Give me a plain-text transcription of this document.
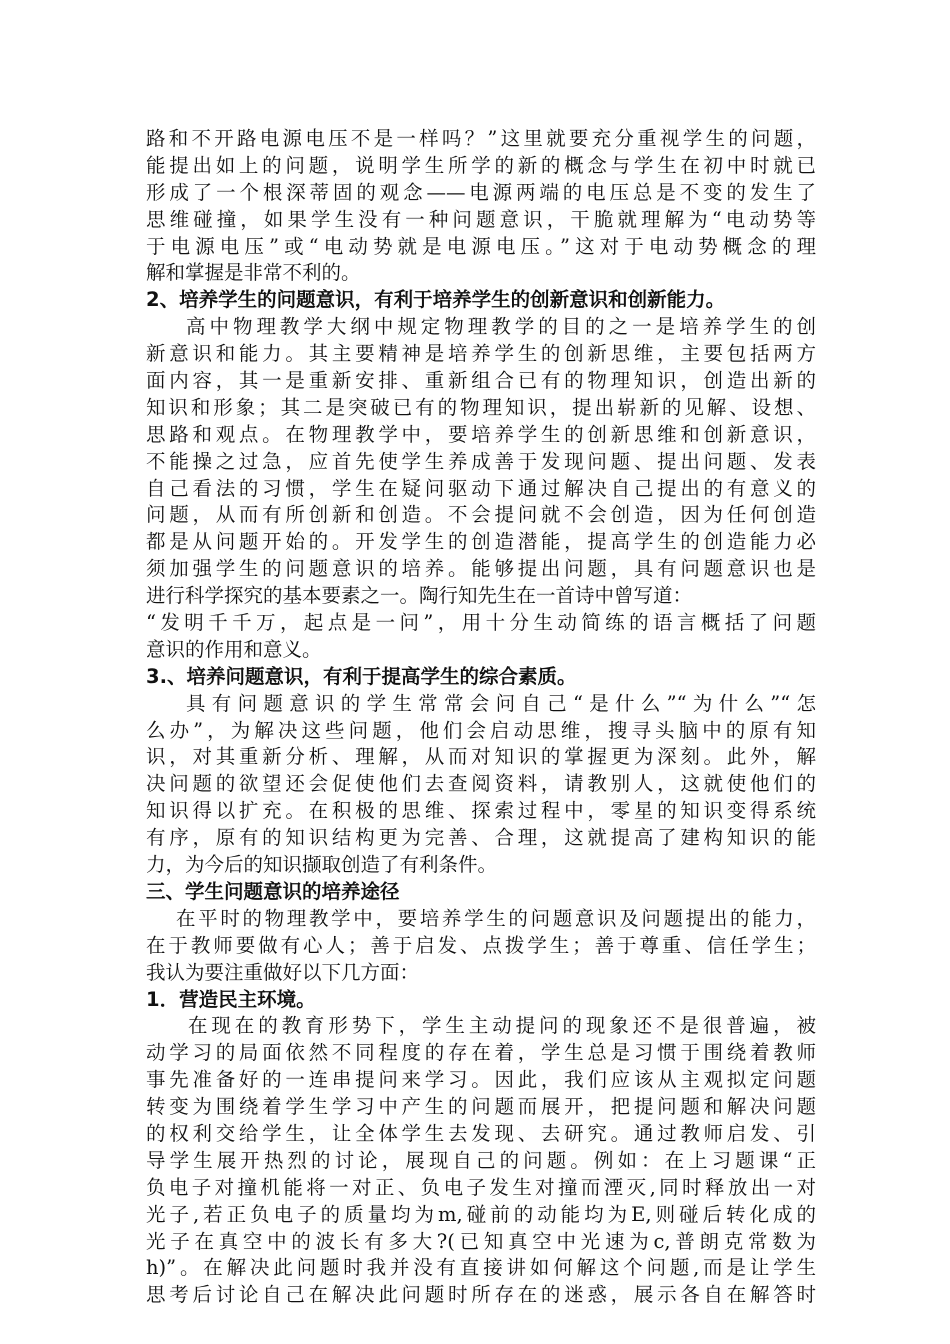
路和不开路电源电压不是一样吗？”这里就要充分重视学生的问题，
能提出如上的问题，说明学生所学的新的概念与学生在初中时就已
形成了一个根深蒂固的观念——电源两端的电压总是不变的发生了
思维碰撞，如果学生没有一种问题意识，干脆就理解为“电动势等
于电源电压”或“电动势就是电源电压。”这对于电动势概念的理
解和掌握是非常不利的。
2、培养学生的问题意识，有利于培养学生的创新意识和创新能力。
高中物理教学大纲中规定物理教学的目的之一是培养学生的创
新意识和能力。其主要精神是培养学生的创新思维，主要包括两方
面内容，其一是重新安排、重新组合已有的物理知识，创造出新的
知识和形象；其二是突破已有的物理知识，提出崭新的见解、设想、
思路和观点。在物理教学中，要培养学生的创新思维和创新意识，
不能操之过急，应首先使学生养成善于发现问题、提出问题、发表
自己看法的习惯，学生在疑问驱动下通过解决自己提出的有意义的
问题，从而有所创新和创造。不会提问就不会创造，因为任何创造
都是从问题开始的。开发学生的创造潜能，提高学生的创造能力必
须加强学生的问题意识的培养。能够提出问题，具有问题意识也是
进行科学探究的基本要素之一。陶行知先生在一首诗中曾写道：
“发明千千万，起点是一问”，用十分生动简练的语言概括了问题
意识的作用和意义。
3.、培养问题意识，有利于提高学生的综合素质。
具有问题意识的学生常常会问自己“是什么”“为什么”“怎
么办”，为解决这些问题，他们会启动思维，搜寻头脑中的原有知
识，对其重新分析、理解，从而对知识的掌握更为深刻。此外，解
决问题的欲望还会促使他们去查阅资料，请教别人，这就使他们的
知识得以扩充。在积极的思维、探索过程中，零星的知识变得系统
有序，原有的知识结构更为完善、合理，这就提高了建构知识的能
力，为今后的知识撷取创造了有利条件。
三、学生问题意识的培养途径
在平时的物理教学中，要培养学生的问题意识及问题提出的能力，
在于教师要做有心人；善于启发、点拨学生；善于尊重、信任学生；
我认为要注重做好以下几方面：
1．营造民主环境。
在现在的教育形势下，学生主动提问的现象还不是很普遍，被
动学习的局面依然不同程度的存在着，学生总是习惯于围绕着教师
事先准备好的一连串提问来学习。因此，我们应该从主观拟定问题
转变为围绕着学生学习中产生的问题而展开，把提问题和解决问题
的权利交给学生，让全体学生去发现、去研究。通过教师启发、引
导学生展开热烈的讨论，展现自己的问题。例如：在上习题课“正
负电子对撞机能将一对正、负电子发生对撞而湮灭,同时释放出一对
光子,若正负电子的质量均为m,碰前的动能均为E,则碰后转化成的
光子在真空中的波长有多大?(已知真空中光速为c,普朗克常数为
h)”。在解决此问题时我并没有直接讲如何解这个问题,而是让学生
思考后讨论自己在解决此问题时所存在的迷惑，展示各自在解答时
